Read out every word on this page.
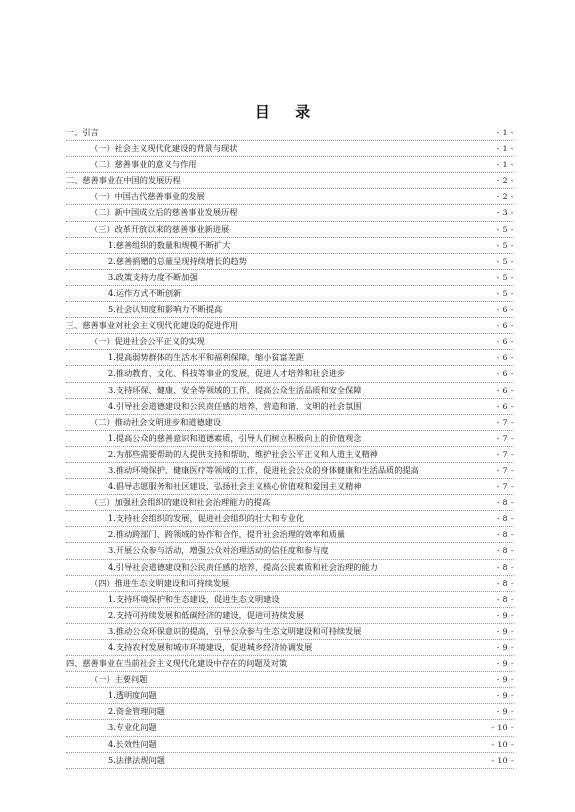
目 录
一、引言	- 1 -
（一）社会主义现代化建设的背景与现状	- 1 -
（二）慈善事业的意义与作用	- 1 -
二、慈善事业在中国的发展历程	- 2 -
（一）中国古代慈善事业的发展	- 2 -
（二）新中国成立后的慈善事业发展历程	- 3 -
（三）改革开放以来的慈善事业新进展	- 5 -
1.慈善组织的数量和规模不断扩大	- 5 -
2.慈善捐赠的总量呈现持续增长的趋势	- 5 -
3.政策支持力度不断加强	- 5 -
4.运作方式不断创新	- 5 -
5.社会认知度和影响力不断提高	- 6 -
三、慈善事业对社会主义现代化建设的促进作用	- 6 -
（一）促进社会公平正义的实现	- 6 -
1.提高弱势群体的生活水平和福利保障，缩小贫富差距	- 6 -
2.推动教育、文化、科技等事业的发展，促进人才培养和社会进步	- 6 -
3.支持环保、健康、安全等领域的工作，提高公众生活品质和安全保障	- 6 -
4.引导社会道德建设和公民责任感的培养，营造和谐、文明的社会氛围	- 6 -
（二）推动社会文明进步和道德建设	- 7 -
1.提高公众的慈善意识和道德素质，引导人们树立积极向上的价值观念	- 7 -
2.为那些需要帮助的人提供支持和帮助，维护社会公平正义和人道主义精神	- 7 -
3.推动环境保护、健康医疗等领域的工作，促进社会公众的身体健康和生活品质的提高	- 7 -
4.倡导志愿服务和社区建设，弘扬社会主义核心价值观和爱国主义精神	- 7 -
（三）加强社会组织的建设和社会治理能力的提高	- 8 -
1.支持社会组织的发展，促进社会组织的壮大和专业化	- 8 -
2.推动跨部门、跨领域的协作和合作，提升社会治理的效率和质量	- 8 -
3.开展公众参与活动，增强公众对治理活动的信任度和参与度	- 8 -
4.引导社会道德建设和公民责任感的培养，提高公民素质和社会治理的能力	- 8 -
（四）推进生态文明建设和可持续发展	- 8 -
1.支持环境保护和生态建设，促进生态文明建设	- 8 -
2.支持可持续发展和低碳经济的建设，促进可持续发展	- 9 -
3.推动公众环保意识的提高，引导公众参与生态文明建设和可持续发展	- 9 -
4.支持农村发展和城市环境建设，促进城乡经济协调发展	- 9 -
四、慈善事业在当前社会主义现代化建设中存在的问题及对策	- 9 -
（一）主要问题	- 9 -
1.透明度问题	- 9 -
2.资金管理问题	- 9 -
3.专业化问题	- 10 -
4.长效性问题	- 10 -
5.法律法规问题	- 10 -
